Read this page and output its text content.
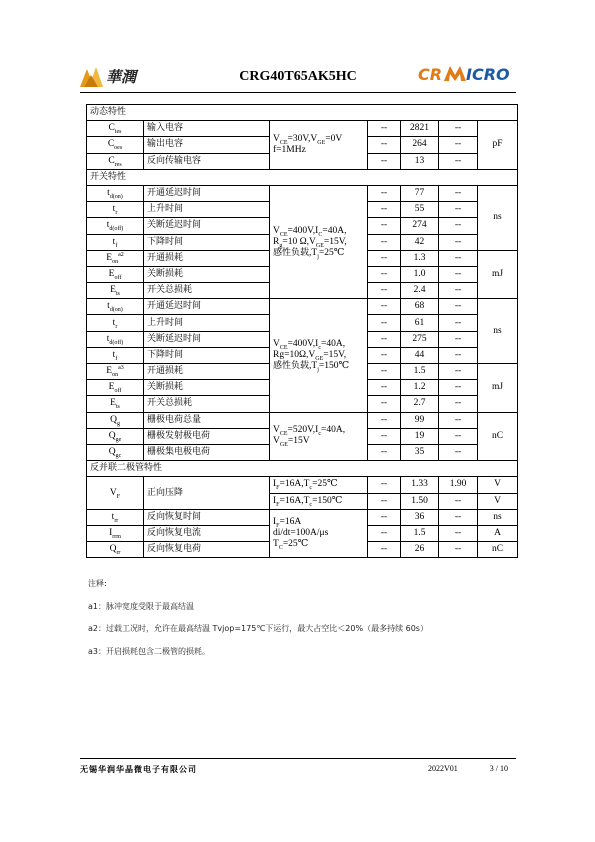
華潤	CRG40T65AK5HC	CR ICRO
动态特性						
$C_{ies}$	输入电容	$V_{CE}=30V,V_{GE}=0V$
f=1MHz	--	2821	--	pF
$C_{oes}$	输出电容		--	264	--	
$C_{res}$	反向传输电容		--	13	--	
开关特性						
$t_{d(on)}$	开通延迟时间	$V_{CE}=400V,I_C=40A$,
$R_g=10$ $\Omega,V_{GE}=15V$,
感性负载$,T_j=25℃$	--	77	--	ns
$t_r$	上升时间		--	55	--	
$t_{d(off)}$	关断延迟时间		--	274	--	
$t_f$	下降时间		--	42	--	
$E_{on}^{a2}$	开通损耗		--	1.3	--	mJ
$E_{off}$	关断损耗		--	1.0	--	
$E_{ts}$	开关总损耗		--	2.4	--	
$t_{d(on)}$	开通延迟时间	$V_{CE}=400V,I_c=40A$,
$Rg=10\Omega,V_{GE}=15V$,
感性负载$,T_j=150℃$	--	68	--	ns
$t_r$	上升时间		--	61	--	
$t_{d(off)}$	关断延迟时间		--	275	--	
$t_f$	下降时间		--	44	--	
$E_{on}^{a3}$	开通损耗		--	1.5	--	mJ
$E_{off}$	关断损耗		--	1.2	--	
$E_{ts}$	开关总损耗		--	2.7	--	
$Q_g$	栅极电荷总量	$V_{CE}=520V,I_c=40A$,
$V_{GE}=15V$	--	99	--	nC
$Q_{ge}$	栅极发射极电荷		--	19	--	
$Q_{gc}$	栅极集电极电荷		--	35	--	
反并联二极管特性						
$V_F$	正向压降	$I_F=16A,T_c=25℃$	--	1.33	1.90	V
		$I_F=16A,T_c=150℃$	--	1.50	--	V
$t_{rr}$	反向恢复时间	$I_F=16A$
di/dt=100A/μs
$T_C=25℃$	--	36	--	ns
$I_{rrm}$	反向恢复电流		--	1.5	--	A
$Q_{rr}$	反向恢复电荷		--	26	--	nC
注释:
a1：脉冲宽度受限于最高结温
a2：过载工况时，允许在最高结温 Tvjop=175℃下运行，最大占空比＜20%（最多持续 60s）
a3：开启损耗包含二极管的损耗。
无锡华润华晶微电子有限公司	2022V01	3 / 10
